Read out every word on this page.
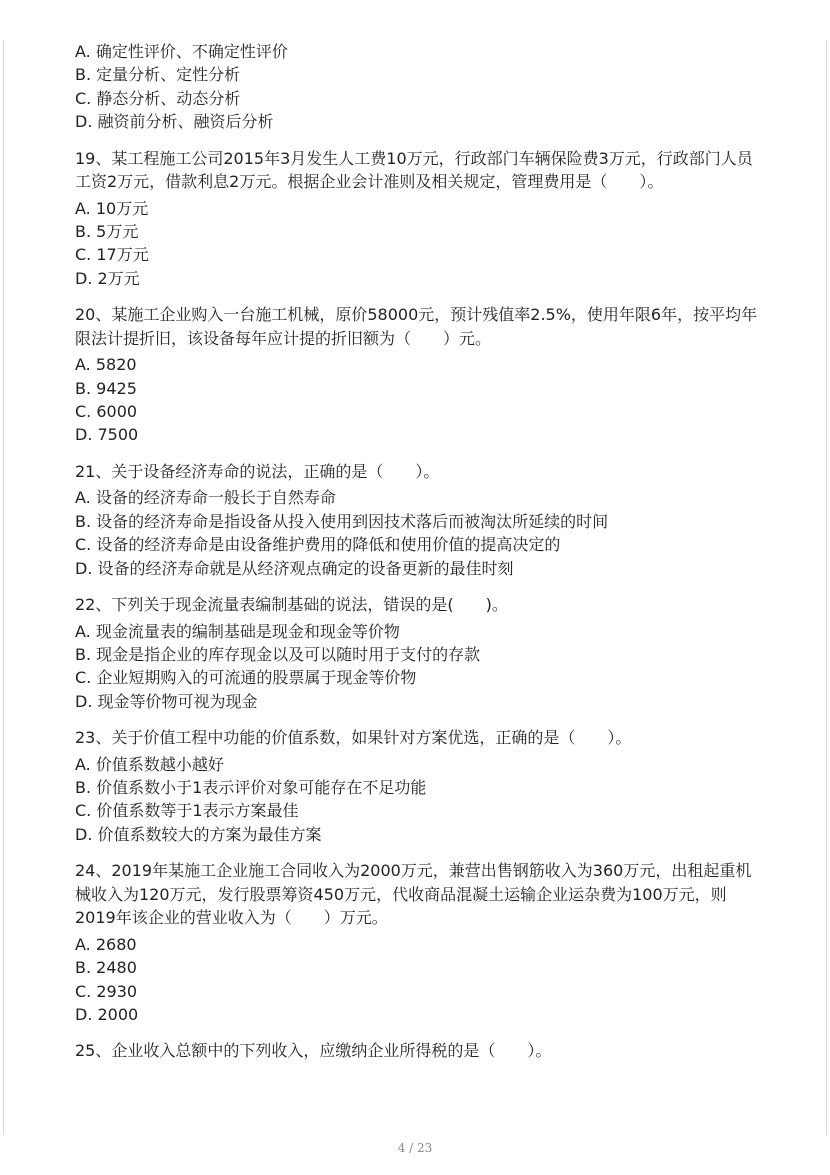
A. 确定性评价、不确定性评价
B. 定量分析、定性分析
C. 静态分析、动态分析
D. 融资前分析、融资后分析
19、某工程施工公司2015年3月发生人工费10万元，行政部门车辆保险费3万元，行政部门人员工资2万元，借款利息2万元。根据企业会计准则及相关规定，管理费用是（　　）。
A. 10万元
B. 5万元
C. 17万元
D. 2万元
20、某施工企业购入一台施工机械，原价58000元，预计残值率2.5%，使用年限6年，按平均年限法计提折旧，该设备每年应计提的折旧额为（　　）元。
A. 5820
B. 9425
C. 6000
D. 7500
21、关于设备经济寿命的说法，正确的是（　　）。
A. 设备的经济寿命一般长于自然寿命
B. 设备的经济寿命是指设备从投入使用到因技术落后而被淘汰所延续的时间
C. 设备的经济寿命是由设备维护费用的降低和使用价值的提高决定的
D. 设备的经济寿命就是从经济观点确定的设备更新的最佳时刻
22、下列关于现金流量表编制基础的说法，错误的是(　　)。
A. 现金流量表的编制基础是现金和现金等价物
B. 现金是指企业的库存现金以及可以随时用于支付的存款
C. 企业短期购入的可流通的股票属于现金等价物
D. 现金等价物可视为现金
23、关于价值工程中功能的价值系数，如果针对方案优选，正确的是（　　）。
A. 价值系数越小越好
B. 价值系数小于1表示评价对象可能存在不足功能
C. 价值系数等于1表示方案最佳
D. 价值系数较大的方案为最佳方案
24、2019年某施工企业施工合同收入为2000万元，兼营出售钢筋收入为360万元，出租起重机械收入为120万元，发行股票筹资450万元，代收商品混凝土运输企业运杂费为100万元，则2019年该企业的营业收入为（　　）万元。
A. 2680
B. 2480
C. 2930
D. 2000
25、企业收入总额中的下列收入，应缴纳企业所得税的是（　　）。
4 / 23
